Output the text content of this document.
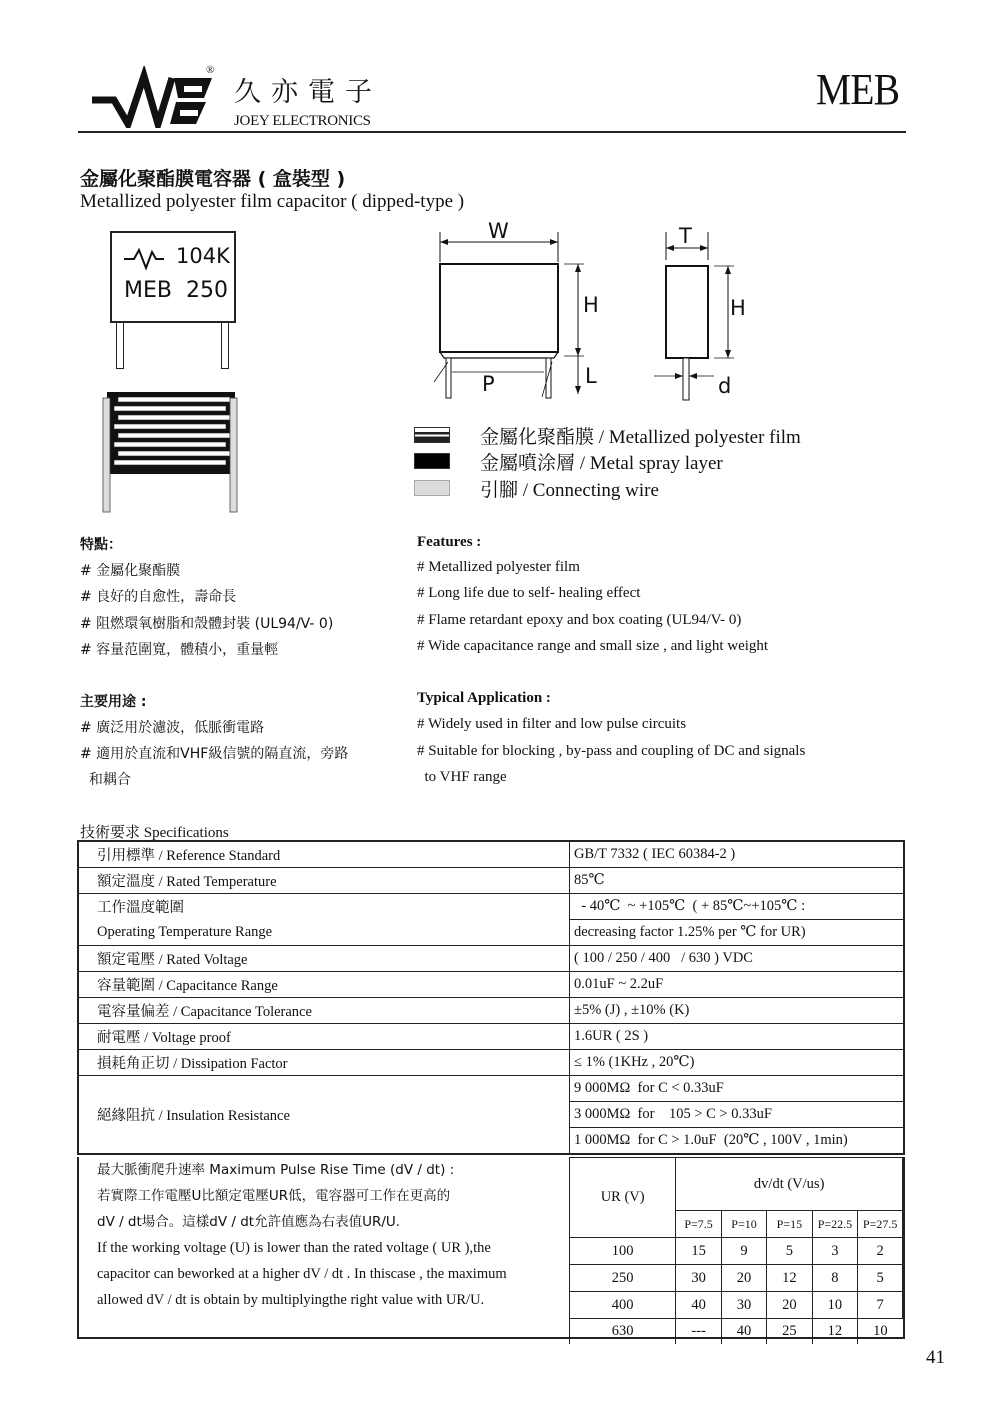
®
久亦電子
JOEY ELECTRONICS
MEB
金屬化聚酯膜電容器 ( 盒裝型 )
Metallized polyester film capacitor ( dipped-type )
104K
MEB  250
W
H
P	L
T
H
d
金屬化聚酯膜 / Metallized polyester film
金屬噴涂層 / Metal spray layer
引腳 / Connecting wire
特點：	Features :
# 金屬化聚酯膜
# 良好的自愈性，壽命長
# 阻燃環氧樹脂和殼體封裝 (UL94/V- 0)
# 容量范圍寬，體積小，重量輕
# Metallized polyester film
# Long life due to self- healing effect
# Flame retardant epoxy and box coating (UL94/V- 0)
# Wide capacitance range and small size , and light weight
主要用途 :	Typical Application :
# 廣泛用於濾波，低脈衝電路
# 適用於直流和VHF級信號的隔直流，旁路
和耦合
# Widely used in filter and low pulse circuits
# Suitable for blocking , by-pass and coupling of DC and signals
to VHF range
技術要求 Specifications
引用標準 / Reference Standard	GB/T 7332 ( IEC 60384-2 )
額定溫度 / Rated Temperature	85℃
工作溫度範圍	- 40℃  ~ +105℃  ( + 85℃~+105℃ :
Operating Temperature Range	decreasing factor 1.25% per ℃ for UR)
額定電壓 / Rated Voltage	( 100 / 250 / 400   / 630 ) VDC
容量範圍 / Capacitance Range	0.01uF ~ 2.2uF
電容量偏差 / Capacitance Tolerance	±5% (J) , ±10% (K)
耐電壓 / Voltage proof	1.6UR ( 2S )
損耗角正切 / Dissipation Factor	≤ 1% (1KHz , 20℃)
絕緣阻抗 / Insulation Resistance	9 000MΩ  for C < 0.33uF
	3 000MΩ  for    105 > C > 0.33uF
	1 000MΩ  for C > 1.0uF  (20℃ , 100V , 1min)
最大脈衝爬升速率 Maximum Pulse Rise Time (dV / dt) :
若實際工作電壓U比額定電壓UR低，電容器可工作在更高的
dV / dt場合。這樣dV / dt允許值應為右表值UR/U.
If the working voltage (U) is lower than the rated voltage ( UR ),the
capacitor can beworked at a higher dV / dt . In thiscase , the maximum
allowed dV / dt is obtain by multiplyingthe right value with UR/U.
UR (V)	dv/dt (V/us)				
	P=7.5	P=10	P=15	P=22.5	P=27.5
100	15	9	5	3	2
250	30	20	12	8	5
400	40	30	20	10	7
630	---	40	25	12	10
41
